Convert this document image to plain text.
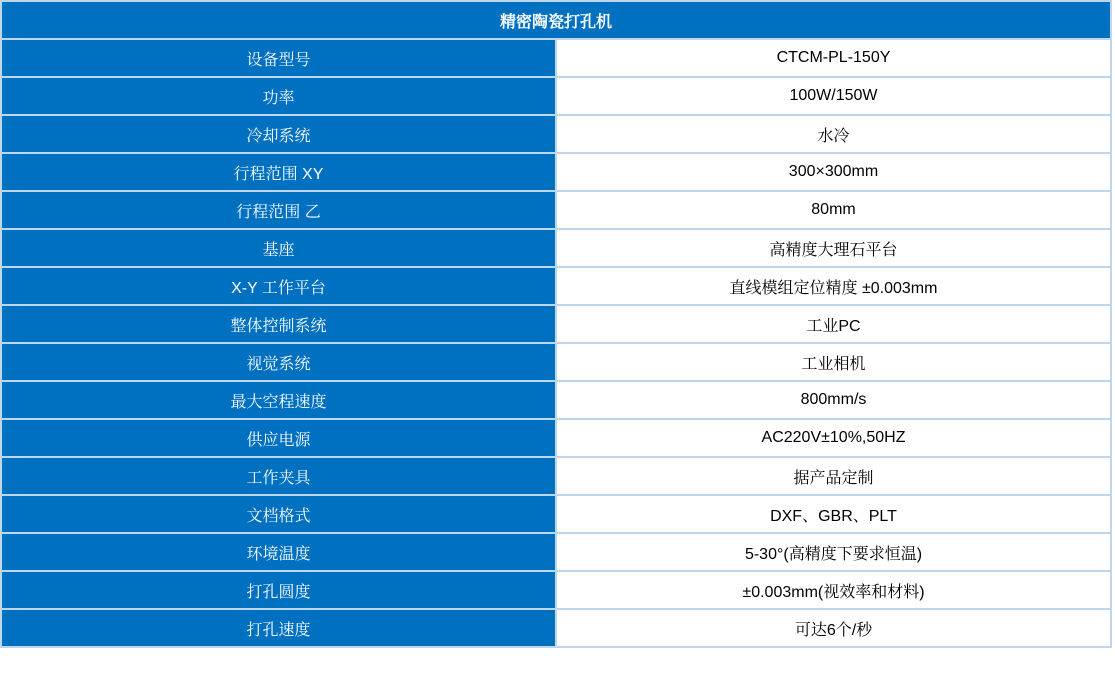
精密陶瓷打孔机	
设备型号	CTCM-PL-150Y
功率	100W/150W
冷却系统	水冷
行程范围 XY	300×300mm
行程范围 乙	80mm
基座	高精度大理石平台
X-Y 工作平台	直线模组定位精度 ±0.003mm
整体控制系统	工业PC
视觉系统	工业相机
最大空程速度	800mm/s
供应电源	AC220V±10%,50HZ
工作夹具	据产品定制
文档格式	DXF、GBR、PLT
环境温度	5-30°(高精度下要求恒温)
打孔圆度	±0.003mm(视效率和材料)
打孔速度	可达6个/秒
